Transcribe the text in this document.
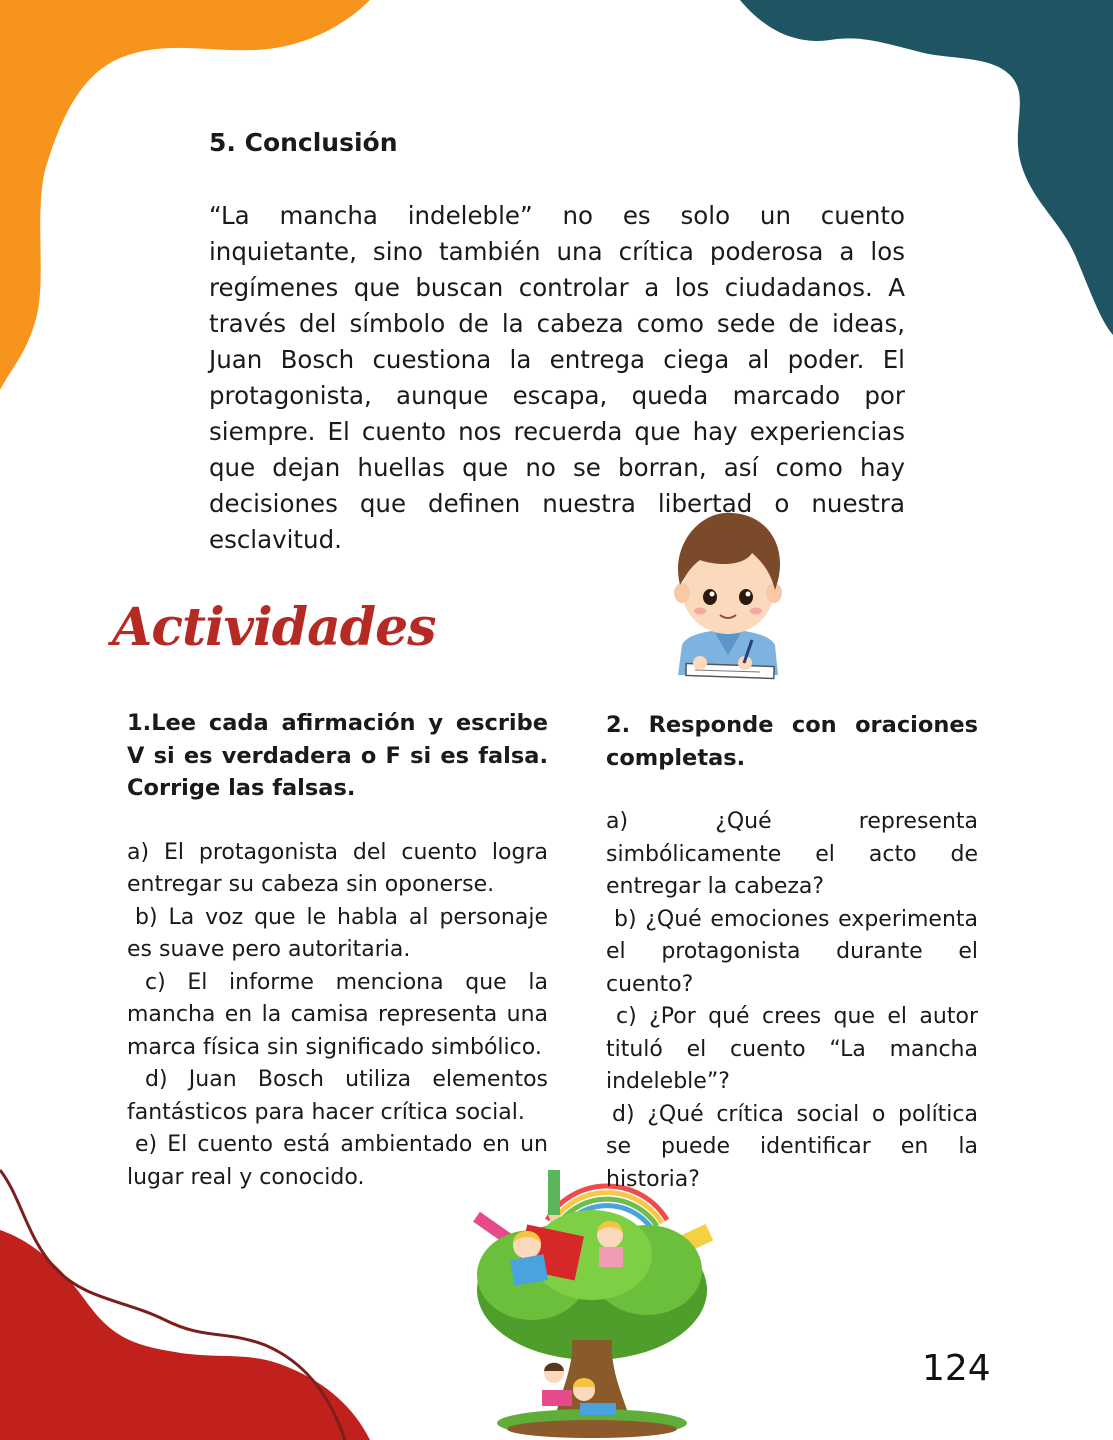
5. Conclusión

“La mancha indeleble” no es solo un cuento inquietante, sino también una crítica poderosa a los regímenes que buscan controlar a los ciudadanos. A través del símbolo de la cabeza como sede de ideas, Juan Bosch cuestiona la entrega ciega al poder. El protagonista, aunque escapa, queda marcado por siempre. El cuento nos recuerda que hay experiencias que dejan huellas que no se borran, así como hay decisiones que definen nuestra libertad o nuestra esclavitud.

Actividades
1.Lee cada afirmación y escribe V si es verdadera o F si es falsa. Corrige las falsas.

a) El protagonista del cuento logra entregar su cabeza sin oponerse.

b) La voz que le habla al personaje es suave pero autoritaria.

c) El informe menciona que la mancha en la camisa representa una marca física sin significado simbólico.

d) Juan Bosch utiliza elementos fantásticos para hacer crítica social.

e) El cuento está ambientado en un lugar real y conocido.

2. Responde con oraciones completas.

a) ¿Qué representa simbólicamente el acto de entregar la cabeza?

b) ¿Qué emociones experimenta el protagonista durante el cuento?

c) ¿Por qué crees que el autor tituló el cuento “La mancha indeleble”?

d) ¿Qué crítica social o política se puede identificar en la historia?

124
